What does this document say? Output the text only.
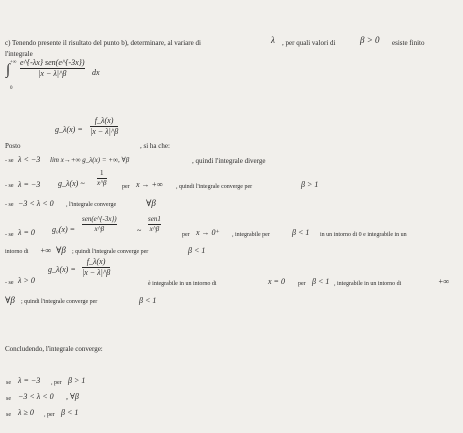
c) Tenendo presente il risultato del punto b), determinare, al variare di	λ , per quali valori di	β > 0 esiste finito
l'integrale
+∞
∫
0
e^{-λx} sen(e^{-3x})
|x − λ|^β	dx
Posto
g_λ(x) =
f_λ(x)
|x − λ|^β
, si ha che:
- se λ < −3 lim x→+∞ g_λ(x) = +∞, ∀β	, quindi l'integrale diverge
- se λ = −3 g_λ(x) ~
1
x^β	per x → +∞ , quindi l'integrale converge per	β > 1
- se −3 < λ < 0 , l'integrale converge	∀β
- se λ = 0 g₀(x) =
sen(e^{-3x})
x^β	~
sen1
x^β
per x → 0⁺ , integrabile per	β < 1 in un intorno di 0 e integrabile in un
intorno di +∞ ∀β ; quindi l'integrale converge per	β < 1
- se λ > 0
g_λ(x) =
f_λ(x)
|x − λ|^β
è integrabile in un intorno di	x = 0 per β < 1 , integrabile in un intorno di	+∞
∀β ; quindi l'integrale converge per	β < 1
Concludendo, l'integrale converge:
se λ = −3 , per β > 1
se −3 < λ < 0 , ∀β
se λ ≥ 0 , per β < 1
